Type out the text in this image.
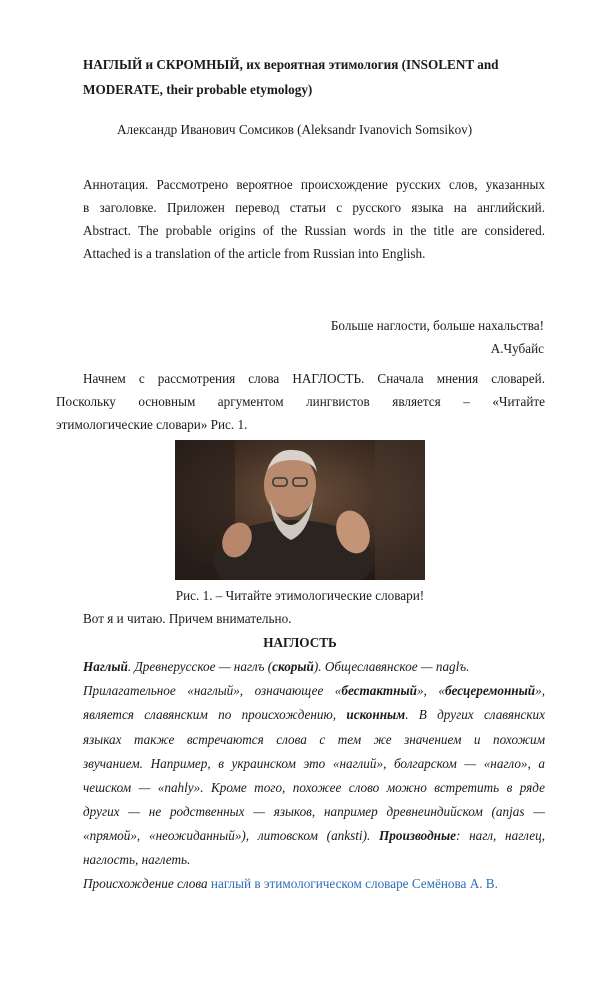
НАГЛЫЙ и СКРОМНЫЙ, их вероятная этимология (INSOLENT and MODERATE, their probable etymology)
Александр Иванович Сомсиков (Aleksandr Ivanovich Somsikov)
Аннотация. Рассмотрено вероятное происхождение русских слов, указанных
в заголовке. Приложен перевод статьи с русского языка на английский.
Abstract. The probable origins of the Russian words in the title are considered.
Attached is a translation of the article from Russian into English.
Больше наглости, больше нахальства!
А.Чубайс
Начнем с рассмотрения слова НАГЛОСТЬ. Сначала мнения словарей.
Поскольку основным аргументом лингвистов является – «Читайте
этимологические словари» Рис. 1.
Рис. 1. – Читайте этимологические словари!
Вот я и читаю. Причем внимательно.
НАГЛОСТЬ
Наглый. Древнерусское — наглъ (скорый). Общеславянское — naglъ.
Прилагательное «наглый», означающее «бестактный», «бесцеремонный»,
является славянским по происхождению, исконным. В других славянских
языках также встречаются слова с тем же значением и похожим
звучанием. Например, в украинском это «наглий», болгарском — «нагло», а
чешском — «nahly». Кроме того, похожее слово можно встретить в ряде
других — не родственных — языков, например древнеиндийском (anjas —
«прямой», «неожиданный»), литовском (anksti). Производные: нагл, наглец,
наглость, наглеть.
Происхождение слова наглый в этимологическом словаре Семёнова А. В.
